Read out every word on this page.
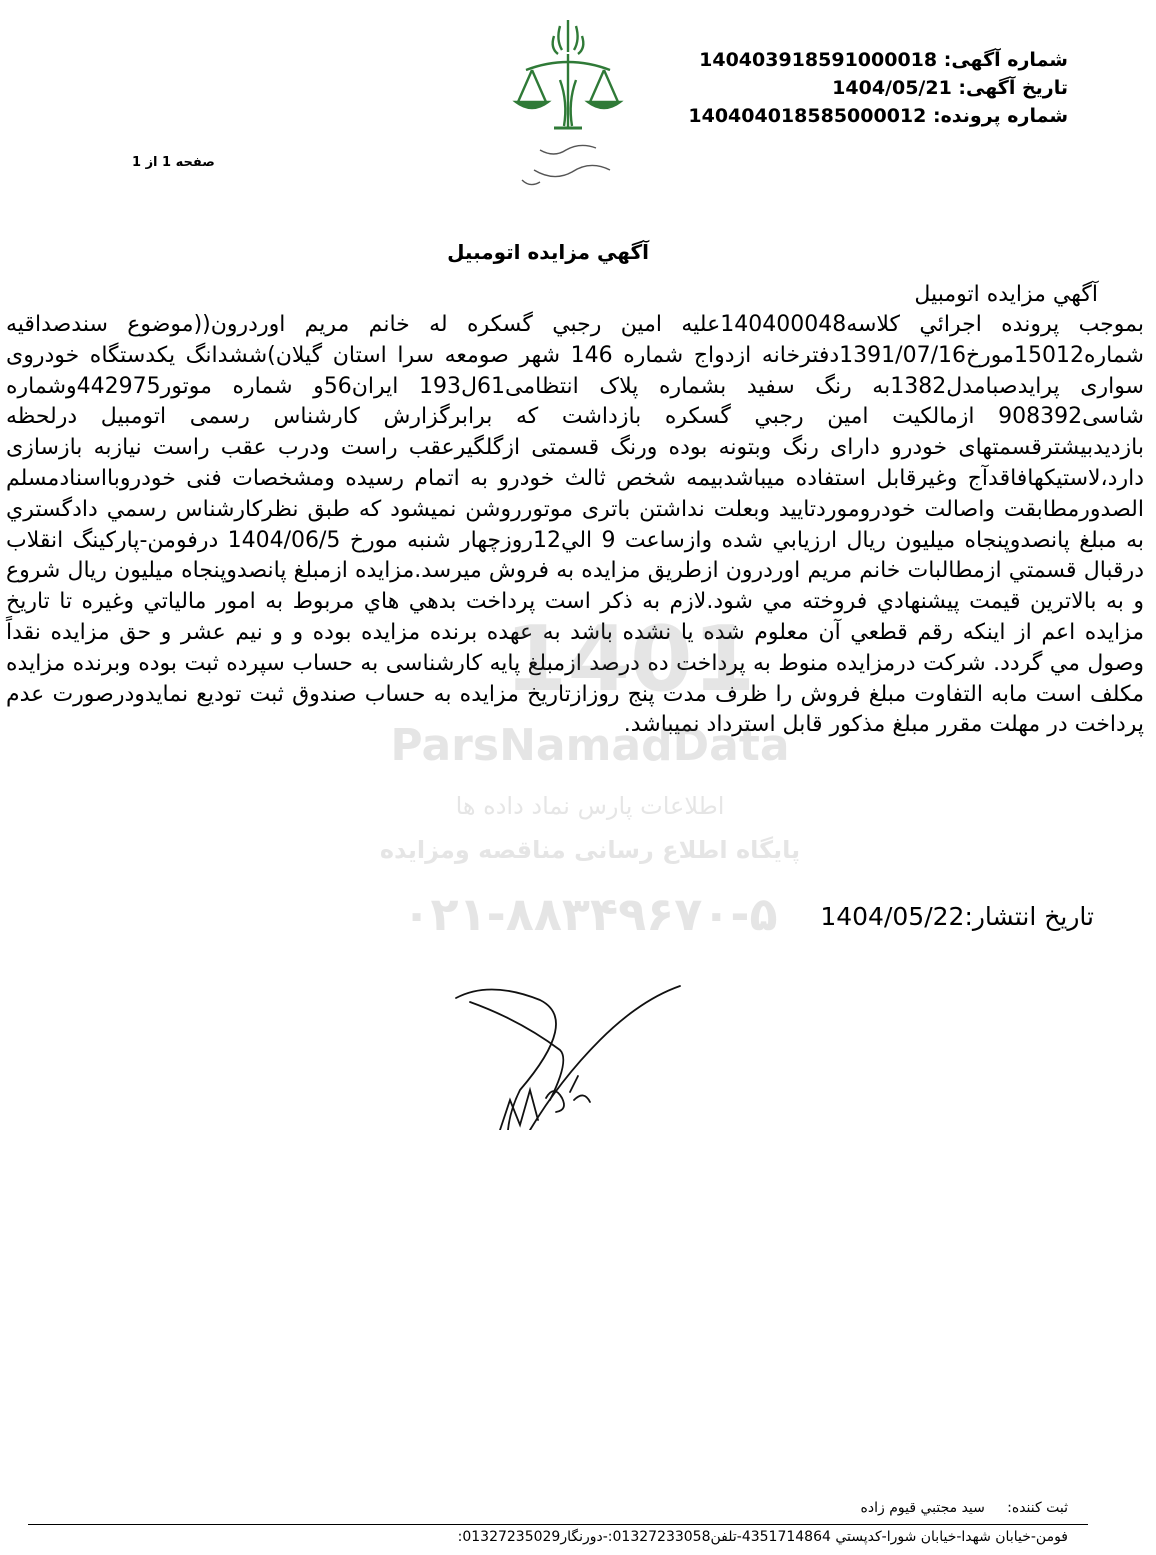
صفحه 1 از 1
شماره آگهی: 140403918591000018
تاریخ آگهی: 1404/05/21
شماره پرونده: 140404018585000012
آگهي مزايده اتومبيل
آگهي مزايده اتومبيل
بموجب پرونده اجرائي كلاسه140400048عليه امين رجبي گسكره له خانم مريم اوردرون((موضوع سندصداقیه شماره15012مورخ1391/07/16دفترخانه ازدواج شماره 146 شهر صومعه سرا استان گیلان)ششدانگ یکدستگاه خودروی سواری پرایدصبامدل1382به رنگ سفید بشماره پلاک انتظامی61ل193 ایران56و شماره موتور442975وشماره شاسی908392 ازمالکیت امین رجبي گسکره بازداشت که برابرگزارش کارشناس رسمی اتومبیل درلحظه بازدیدبیشترقسمتهای خودرو دارای رنگ وبتونه بوده ورنگ قسمتی ازگلگیرعقب راست ودرب عقب راست نیازبه بازسازی دارد،لاستیکهافاقدآج وغیرقابل استفاده میباشدبیمه شخص ثالث خودرو به اتمام رسیده ومشخصات فنی خودروبااسنادمسلم الصدورمطابقت واصالت خودروموردتایید وبعلت نداشتن باتری موتورروشن نمیشود که طبق نظرکارشناس رسمي دادگستري به مبلغ پانصدوپنجاه میلیون ريال ارزيابي شده وازساعت 9 الي12روزچهار شنبه مورخ 1404/06/5 درفومن-پارکینگ انقلاب درقبال قسمتي ازمطالبات خانم مریم اوردرون ازطریق مزایده به فروش میرسد.مزايده ازمبلغ پانصدوپنجاه میلیون ريال شروع و به بالاترين قيمت پيشنهادي فروخته مي شود.لازم به ذكر است پرداخت بدهي هاي مربوط به امور مالياتي وغيره تا تاريخ مزايده اعم از اينكه رقم قطعي آن معلوم شده يا نشده باشد به عهده برنده مزايده بوده و و نيم عشر و حق مزايده نقداً وصول مي گردد. شركت درمزايده منوط به پرداخت ده درصد ازمبلغ پایه کارشناسی به حساب سپرده ثبت بوده وبرنده مزایده مکلف است مابه التفاوت مبلغ فروش را ظرف مدت پنج روزازتاریخ مزایده به حساب صندوق ثبت تودیع نمایدودرصورت عدم پرداخت در مهلت مقرر مبلغ مذکور قابل استرداد نمیباشد.
1401
ParsNamadData
اطلاعات پارس نماد داده ها
پایگاه اطلاع رسانی مناقصه ومزایده
۰۲۱-۸۸۳۴۹۶۷۰-۵	تاریخ انتشار:1404/05/22
ثبت کننده:     سید مجتبي قیوم زاده
فومن-خیابان شهدا-خیابان شورا-کدپستي 4351714864-تلفن01327233058:-دورنگار01327235029:
